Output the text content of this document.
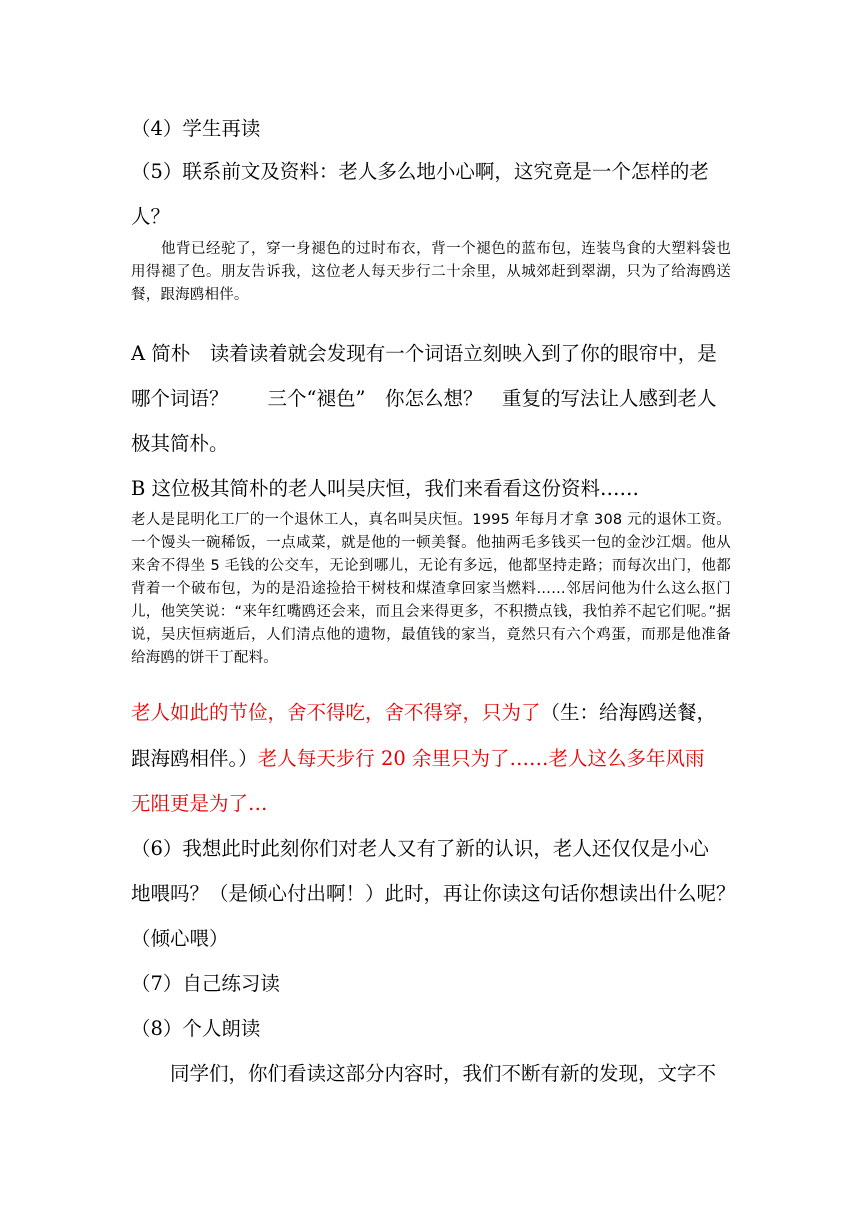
（4）学生再读

（5）联系前文及资料：老人多么地小心啊，这究竟是一个怎样的老

人？

　　他背已经驼了，穿一身褪色的过时布衣，背一个褪色的蓝布包，连装鸟食的大塑料袋也用得褪了色。朋友告诉我，这位老人每天步行二十余里，从城郊赶到翠湖，只为了给海鸥送餐，跟海鸥相伴。

A 简朴　读着读着就会发现有一个词语立刻映入到了你的眼帘中，是

哪个词语？　　三个“褪色”　你怎么想？　重复的写法让人感到老人

极其简朴。

B 这位极其简朴的老人叫吴庆恒，我们来看看这份资料……

老人是昆明化工厂的一个退休工人，真名叫吴庆恒。1995 年每月才拿 308 元的退休工资。一个馒头一碗稀饭，一点咸菜，就是他的一顿美餐。他抽两毛多钱买一包的金沙江烟。他从来舍不得坐 5 毛钱的公交车，无论到哪儿，无论有多远，他都坚持走路；而每次出门，他都背着一个破布包，为的是沿途捡拾干树枝和煤渣拿回家当燃料……邻居问他为什么这么抠门儿，他笑笑说：“来年红嘴鸥还会来，而且会来得更多，不积攒点钱，我怕养不起它们呢。”据说，吴庆恒病逝后，人们清点他的遗物，最值钱的家当，竟然只有六个鸡蛋，而那是他准备给海鸥的饼干丁配料。

老人如此的节俭，舍不得吃，舍不得穿，只为了（生：给海鸥送餐，

跟海鸥相伴。）老人每天步行 20 余里只为了……老人这么多年风雨

无阻更是为了…

（6）我想此时此刻你们对老人又有了新的认识，老人还仅仅是小心

地喂吗？（是倾心付出啊！）此时，再让你读这句话你想读出什么呢？

（倾心喂）

（7）自己练习读

（8）个人朗读

　　同学们，你们看读这部分内容时，我们不断有新的发现，文字不
